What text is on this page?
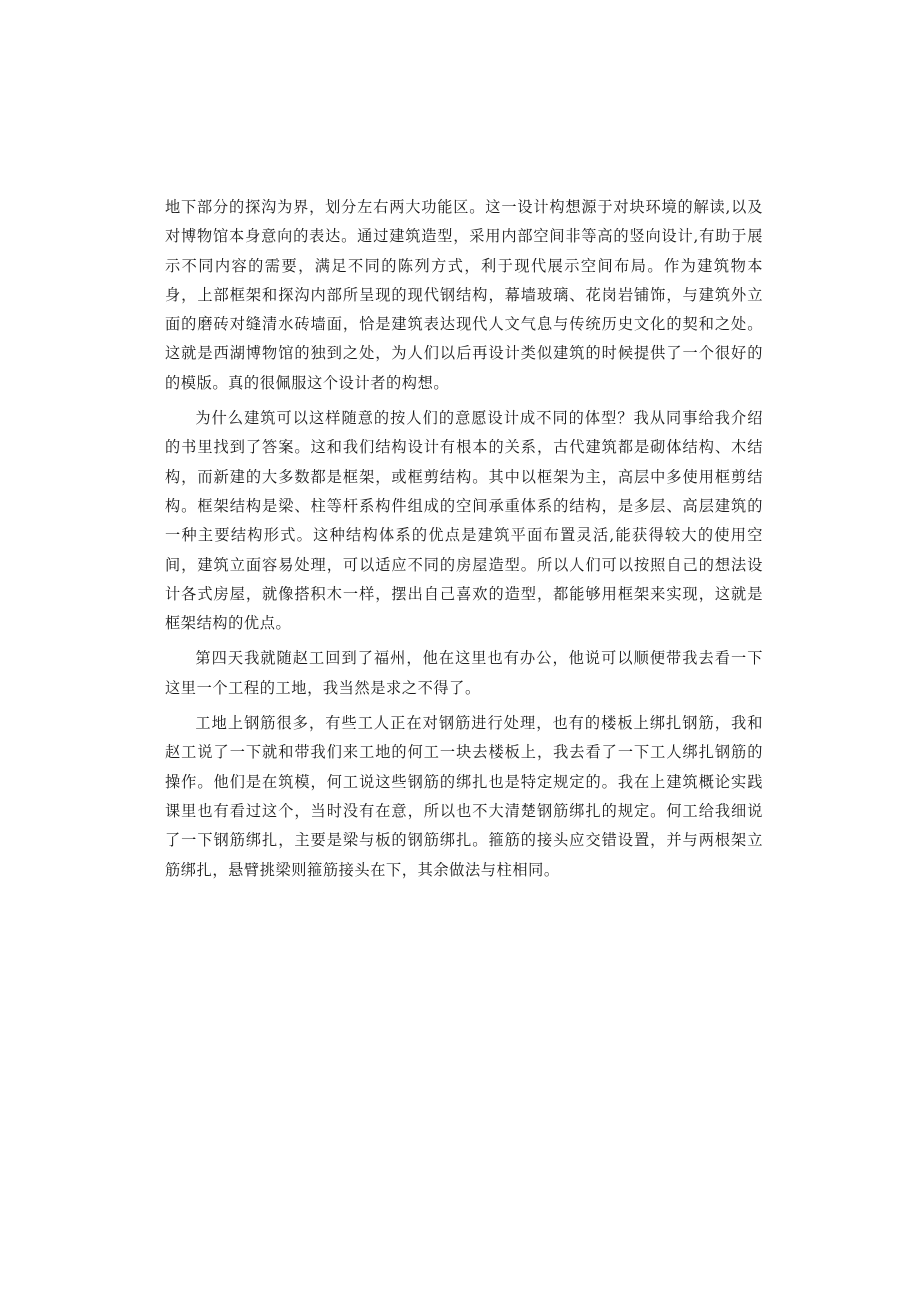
地下部分的探沟为界，划分左右两大功能区。这一设计构想源于对块环境的解读,以及对博物馆本身意向的表达。通过建筑造型，采用内部空间非等高的竖向设计,有助于展示不同内容的需要，满足不同的陈列方式，利于现代展示空间布局。作为建筑物本身，上部框架和探沟内部所呈现的现代钢结构，幕墙玻璃、花岗岩铺饰，与建筑外立面的磨砖对缝清水砖墙面，恰是建筑表达现代人文气息与传统历史文化的契和之处。这就是西湖博物馆的独到之处，为人们以后再设计类似建筑的时候提供了一个很好的的模版。真的很佩服这个设计者的构想。

为什么建筑可以这样随意的按人们的意愿设计成不同的体型？我从同事给我介绍的书里找到了答案。这和我们结构设计有根本的关系，古代建筑都是砌体结构、木结构，而新建的大多数都是框架，或框剪结构。其中以框架为主，高层中多使用框剪结构。框架结构是梁、柱等杆系构件组成的空间承重体系的结构，是多层、高层建筑的一种主要结构形式。这种结构体系的优点是建筑平面布置灵活,能获得较大的使用空间，建筑立面容易处理，可以适应不同的房屋造型。所以人们可以按照自己的想法设计各式房屋，就像搭积木一样，摆出自己喜欢的造型，都能够用框架来实现，这就是框架结构的优点。

第四天我就随赵工回到了福州，他在这里也有办公，他说可以顺便带我去看一下这里一个工程的工地，我当然是求之不得了。

工地上钢筋很多，有些工人正在对钢筋进行处理，也有的楼板上绑扎钢筋，我和赵工说了一下就和带我们来工地的何工一块去楼板上，我去看了一下工人绑扎钢筋的操作。他们是在筑模，何工说这些钢筋的绑扎也是特定规定的。我在上建筑概论实践课里也有看过这个，当时没有在意，所以也不大清楚钢筋绑扎的规定。何工给我细说了一下钢筋绑扎，主要是梁与板的钢筋绑扎。箍筋的接头应交错设置，并与两根架立筋绑扎，悬臂挑梁则箍筋接头在下，其余做法与柱相同。
